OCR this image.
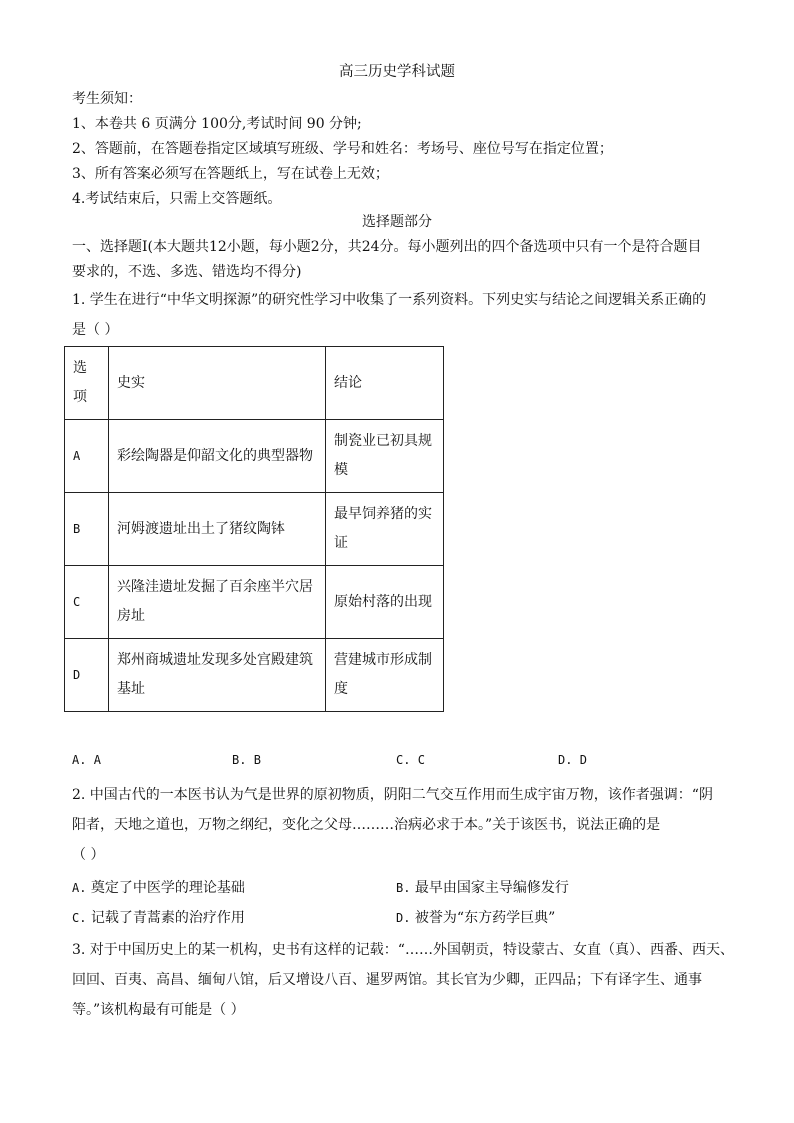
高三历史学科试题
考生须知：
1、本卷共 6 页满分 100分,考试时间 90 分钟;
2、答题前，在答题卷指定区域填写班级、学号和姓名：考场号、座位号写在指定位置；
3、所有答案必须写在答题纸上，写在试卷上无效；
4.考试结束后，只需上交答题纸。
选择题部分
一、选择题Ⅰ(本大题共12小题，每小题2分，共24分。每小题列出的四个备选项中只有一个是符合题目
要求的，不选、多选、错选均不得分)
1. 学生在进行“中华文明探源”的研究性学习中收集了一系列资料。下列史实与结论之间逻辑关系正确的
是（ ）
选
项	史实	结论
A	彩绘陶器是仰韶文化的典型器物	制瓷业已初具规
模
B	河姆渡遗址出土了猪纹陶钵	最早饲养猪的实
证
C	兴隆洼遗址发掘了百余座半穴居
房址	原始村落的出现
D	郑州商城遗址发现多处宫殿建筑
基址	营建城市形成制
度
A. A	B. B	C. C	D. D
2. 中国古代的一本医书认为气是世界的原初物质，阴阳二气交互作用而生成宇宙万物，该作者强调：“阴
阳者，天地之道也，万物之纲纪，变化之父母………治病必求于本。”关于该医书，说法正确的是
（ ）
A. 奠定了中医学的理论基础	B. 最早由国家主导编修发行
C. 记载了青蒿素的治疗作用	D. 被誉为“东方药学巨典”
3. 对于中国历史上的某一机构，史书有这样的记载：“……外国朝贡，特设蒙古、女直（真）、西番、西天、
回回、百夷、高昌、缅甸八馆，后又增设八百、暹罗两馆。其长官为少卿，正四品；下有译字生、通事
等。”该机构最有可能是（ ）
